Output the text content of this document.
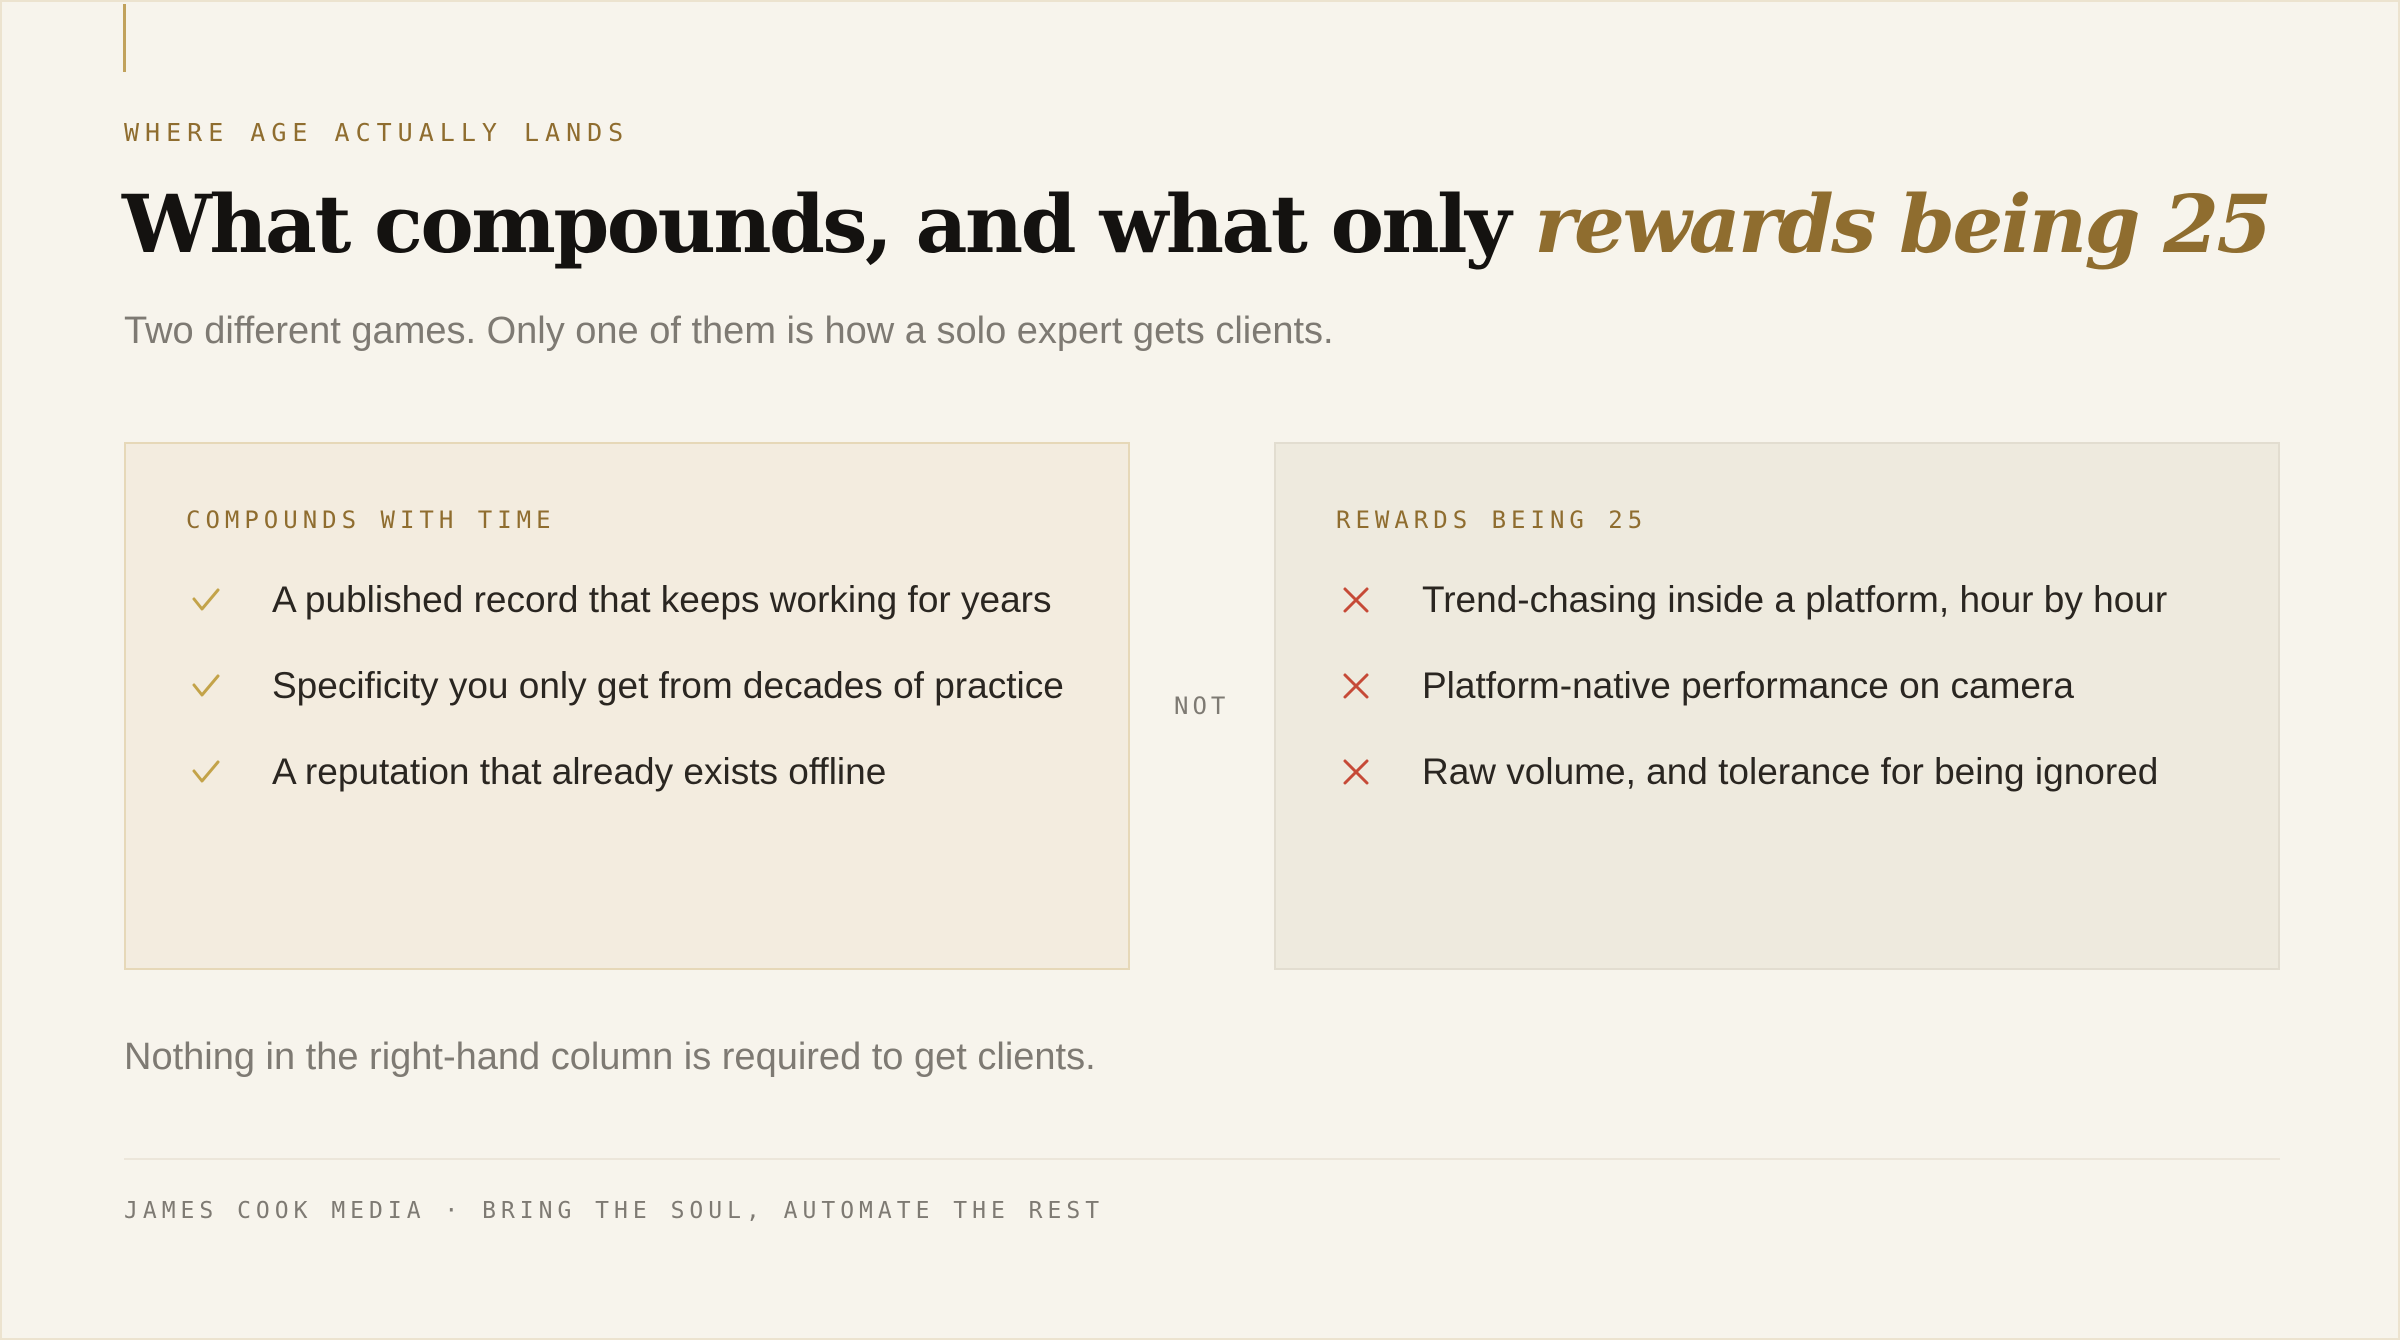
WHERE AGE ACTUALLY LANDS
What compounds, and what only rewards being 25
Two different games. Only one of them is how a solo expert gets clients.
COMPOUNDS WITH TIME
A published record that keeps working for years
Specificity you only get from decades of practice
A reputation that already exists offline
NOT
REWARDS BEING 25
Trend-chasing inside a platform, hour by hour
Platform-native performance on camera
Raw volume, and tolerance for being ignored
Nothing in the right-hand column is required to get clients.
JAMES COOK MEDIA · BRING THE SOUL, AUTOMATE THE REST
